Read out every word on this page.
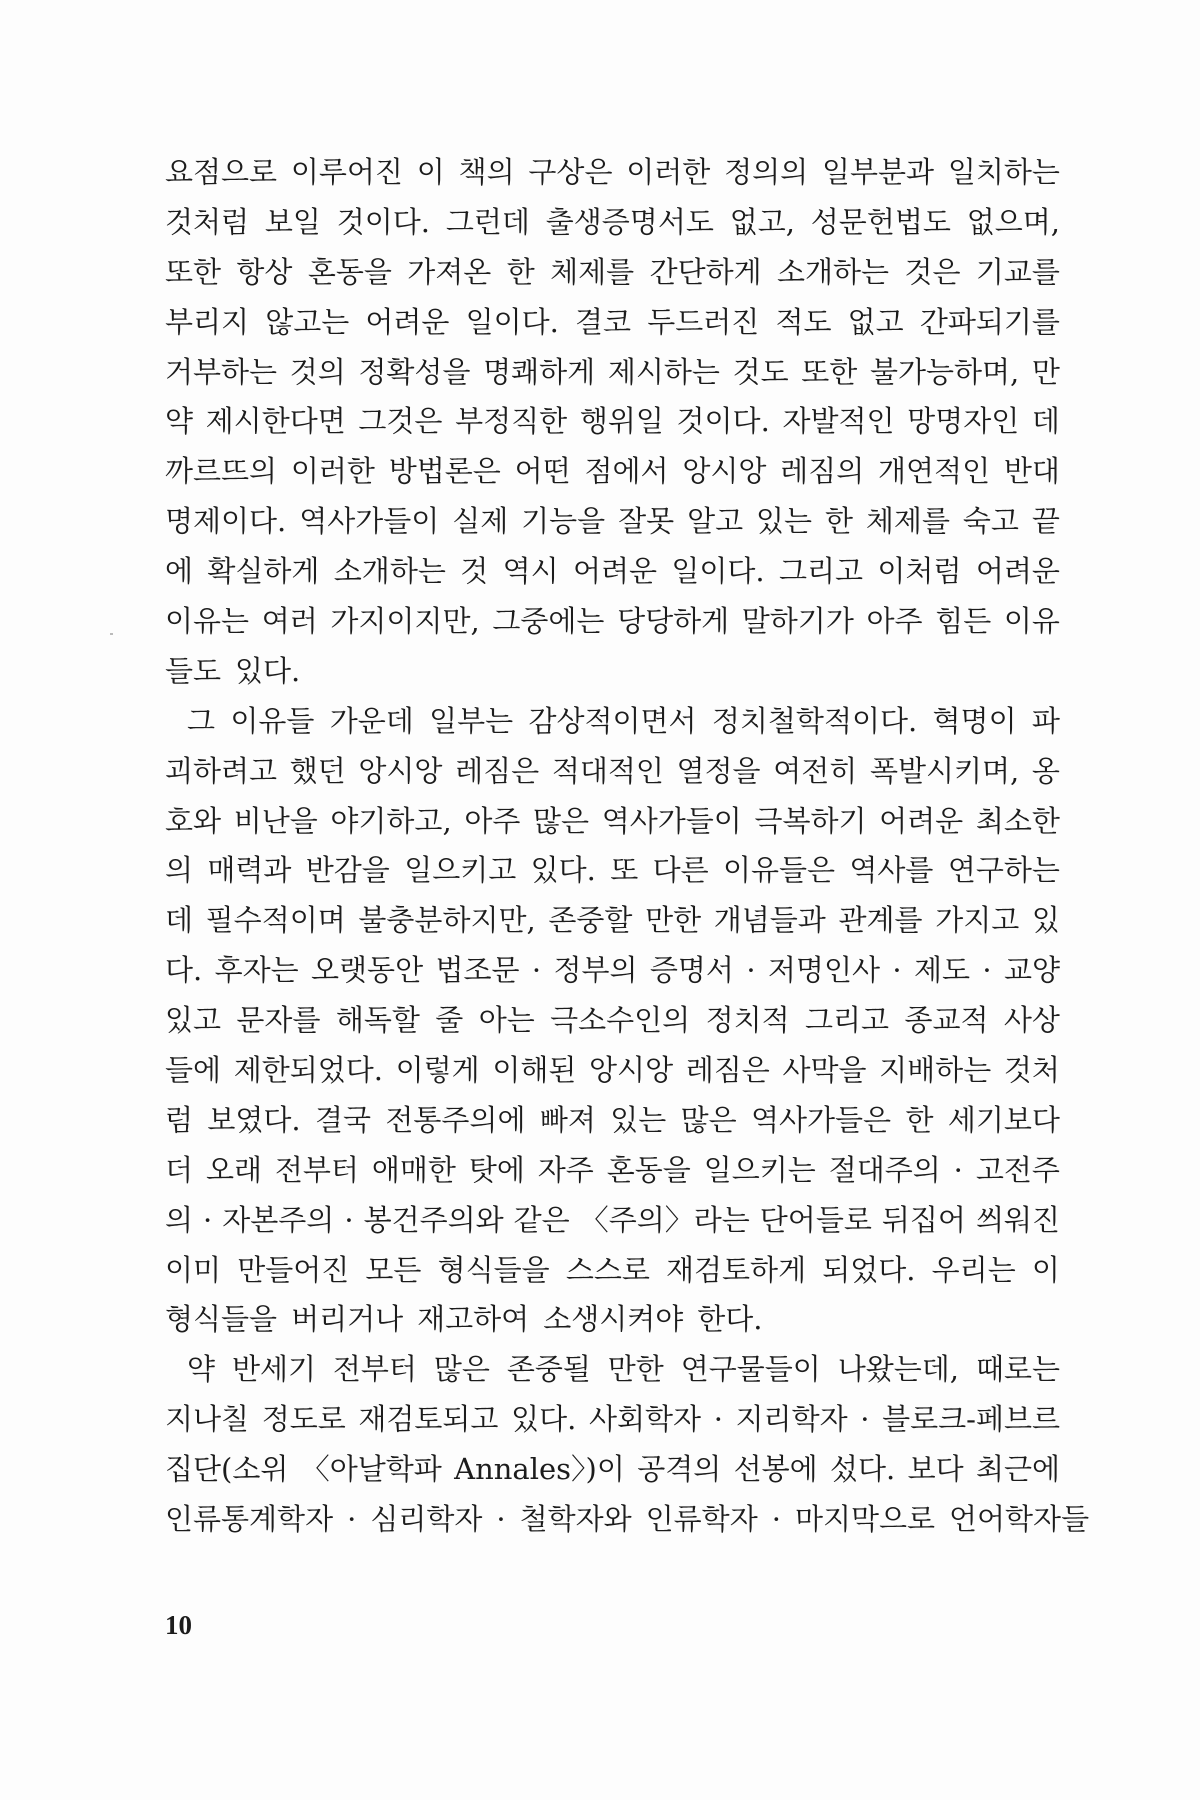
요점으로 이루어진 이 책의 구상은 이러한 정의의 일부분과 일치하는
것처럼 보일 것이다. 그런데 출생증명서도 없고, 성문헌법도 없으며,
또한 항상 혼동을 가져온 한 체제를 간단하게 소개하는 것은 기교를
부리지 않고는 어려운 일이다. 결코 두드러진 적도 없고 간파되기를
거부하는 것의 정확성을 명쾌하게 제시하는 것도 또한 불가능하며, 만
약 제시한다면 그것은 부정직한 행위일 것이다. 자발적인 망명자인 데
까르뜨의 이러한 방법론은 어떤 점에서 앙시앙 레짐의 개연적인 반대
명제이다. 역사가들이 실제 기능을 잘못 알고 있는 한 체제를 숙고 끝
에 확실하게 소개하는 것 역시 어려운 일이다. 그리고 이처럼 어려운
이유는 여러 가지이지만, 그중에는 당당하게 말하기가 아주 힘든 이유
들도 있다.
그 이유들 가운데 일부는 감상적이면서 정치철학적이다. 혁명이 파
괴하려고 했던 앙시앙 레짐은 적대적인 열정을 여전히 폭발시키며, 옹
호와 비난을 야기하고, 아주 많은 역사가들이 극복하기 어려운 최소한
의 매력과 반감을 일으키고 있다. 또 다른 이유들은 역사를 연구하는
데 필수적이며 불충분하지만, 존중할 만한 개념들과 관계를 가지고 있
다. 후자는 오랫동안 법조문 · 정부의 증명서 · 저명인사 · 제도 · 교양
있고 문자를 해독할 줄 아는 극소수인의 정치적 그리고 종교적 사상
들에 제한되었다. 이렇게 이해된 앙시앙 레짐은 사막을 지배하는 것처
럼 보였다. 결국 전통주의에 빠져 있는 많은 역사가들은 한 세기보다
더 오래 전부터 애매한 탓에 자주 혼동을 일으키는 절대주의 · 고전주
의 · 자본주의 · 봉건주의와 같은 〈주의〉라는 단어들로 뒤집어 씌워진
이미 만들어진 모든 형식들을 스스로 재검토하게 되었다. 우리는 이
형식들을 버리거나 재고하여 소생시켜야 한다.
약 반세기 전부터 많은 존중될 만한 연구물들이 나왔는데, 때로는
지나칠 정도로 재검토되고 있다. 사회학자 · 지리학자 · 블로크-페브르
집단(소위 〈아날학파 Annales〉)이 공격의 선봉에 섰다. 보다 최근에
인류통계학자 · 심리학자 · 철학자와 인류학자 · 마지막으로 언어학자들
10
